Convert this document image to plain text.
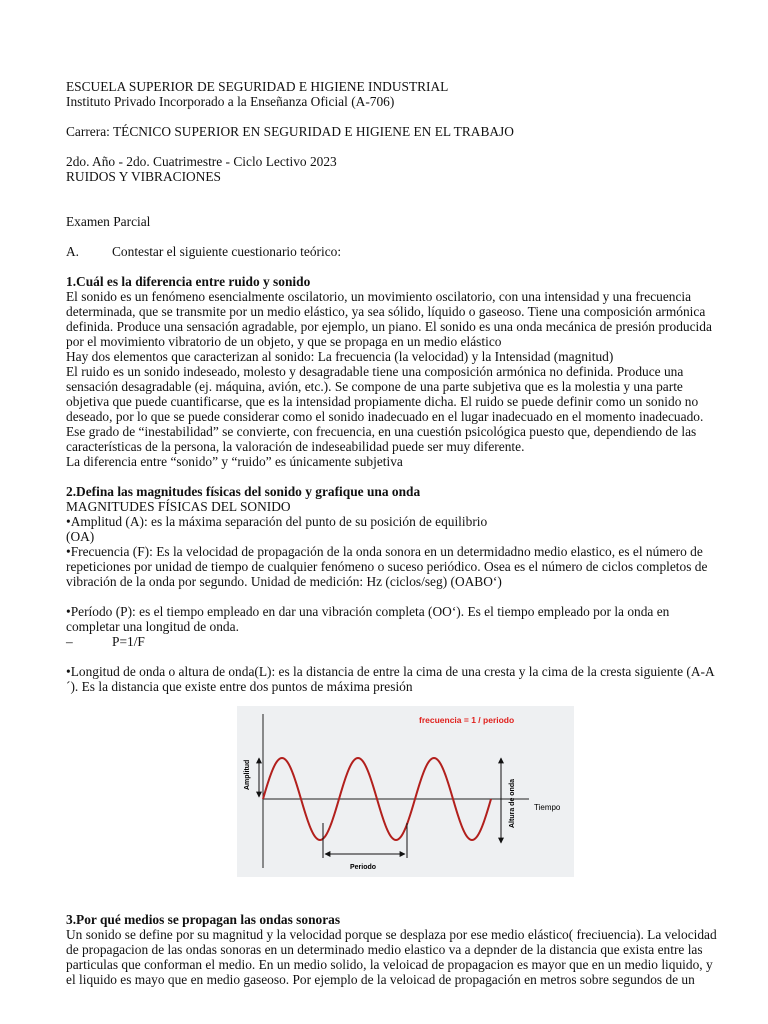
ESCUELA SUPERIOR DE SEGURIDAD E HIGIENE INDUSTRIAL

Instituto Privado Incorporado a la Enseñanza Oficial (A-706)

Carrera: TÉCNICO SUPERIOR EN SEGURIDAD E HIGIENE EN EL TRABAJO

2do. Año - 2do. Cuatrimestre - Ciclo Lectivo 2023

RUIDOS Y VIBRACIONES

Examen Parcial

A. Contestar el siguiente cuestionario teórico:

1.Cuál es la diferencia entre ruido y sonido

El sonido es un fenómeno esencialmente oscilatorio, un movimiento oscilatorio, con una intensidad y una frecuencia

determinada, que se transmite por un medio elástico, ya sea sólido, líquido o gaseoso. Tiene una composición armónica

definida. Produce una sensación agradable, por ejemplo, un piano. El sonido es una onda mecánica de presión producida

por el movimiento vibratorio de un objeto, y que se propaga en un medio elástico

Hay dos elementos que caracterizan al sonido: La frecuencia (la velocidad) y la Intensidad (magnitud)

El ruido es un sonido indeseado, molesto y desagradable tiene una composición armónica no definida. Produce una

sensación desagradable (ej. máquina, avión, etc.). Se compone de una parte subjetiva que es la molestia y una parte

objetiva que puede cuantificarse, que es la intensidad propiamente dicha. El ruido se puede definir como un sonido no

deseado, por lo que se puede considerar como el sonido inadecuado en el lugar inadecuado en el momento inadecuado.

Ese grado de “inestabilidad” se convierte, con frecuencia, en una cuestión psicológica puesto que, dependiendo de las

características de la persona, la valoración de indeseabilidad puede ser muy diferente.

La diferencia entre “sonido” y “ruido” es únicamente subjetiva

2.Defina las magnitudes físicas del sonido y grafique una onda

MAGNITUDES FÍSICAS DEL SONIDO

•Amplitud (A): es la máxima separación del punto de su posición de equilibrio

(OA)

•Frecuencia (F): Es la velocidad de propagación de la onda sonora en un determidadno medio elastico, es el número de

repeticiones por unidad de tiempo de cualquier fenómeno o suceso periódico. Osea es el número de ciclos completos de

vibración de la onda por segundo. Unidad de medición: Hz (ciclos/seg) (OABO‘)

•Período (P): es el tiempo empleado en dar una vibración completa (OO‘). Es el tiempo empleado por la onda en

completar una longitud de onda.

–	P=1/F

•Longitud de onda o altura de onda(L): es la distancia de entre la cima de una cresta y la cima de la cresta siguiente (A-A

´). Es la distancia que existe entre dos puntos de máxima presión

frecuencia = 1 / periodo
Amplitud
Altura de onda Tiempo
Periodo

3.Por qué medios se propagan las ondas sonoras

Un sonido se define por su magnitud y la velocidad porque se desplaza por ese medio elástico( freciuencia). La velocidad

de propagacion de las ondas sonoras en un determinado medio elastico va a depnder de la distancia que exista entre las

particulas que conforman el medio. En un medio solido, la veloicad de propagacion es mayor que en un medio liquido, y

el liquido es mayo que en medio gaseoso. Por ejemplo de la veloicad de propagación en metros sobre segundos de un
